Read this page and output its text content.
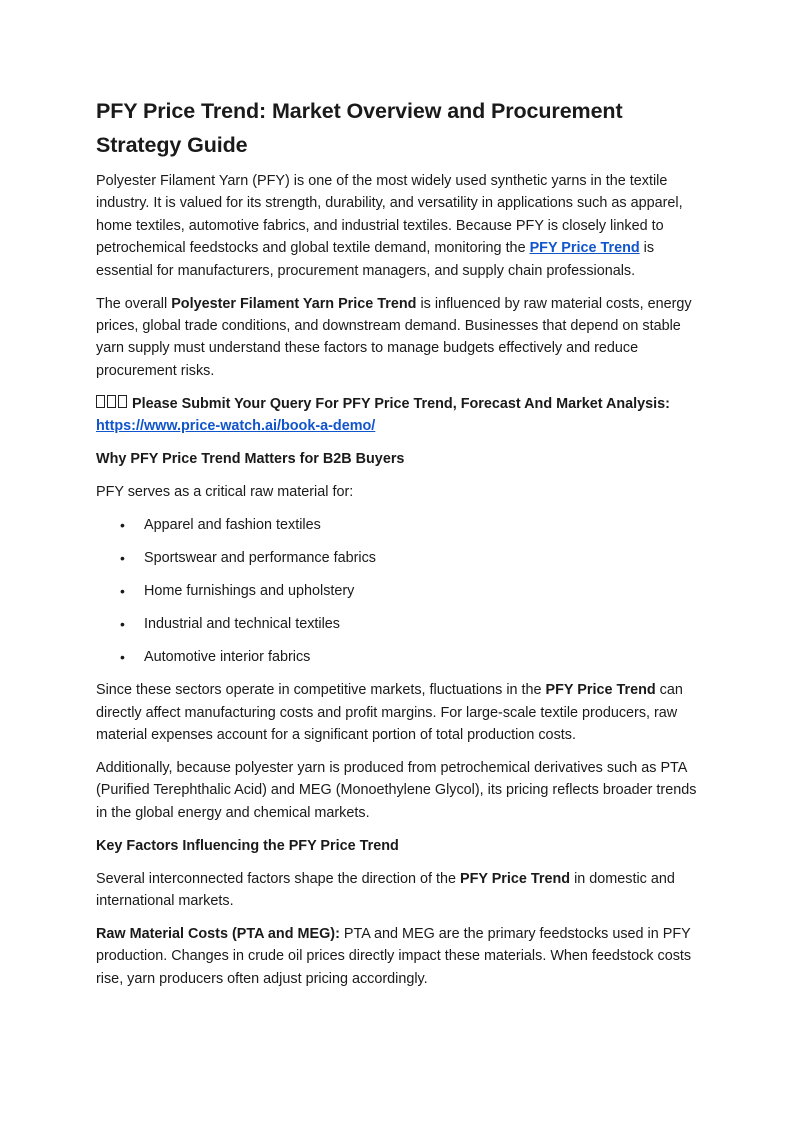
PFY Price Trend: Market Overview and Procurement Strategy Guide

Polyester Filament Yarn (PFY) is one of the most widely used synthetic yarns in the textile industry. It is valued for its strength, durability, and versatility in applications such as apparel, home textiles, automotive fabrics, and industrial textiles. Because PFY is closely linked to petrochemical feedstocks and global textile demand, monitoring the PFY Price Trend is essential for manufacturers, procurement managers, and supply chain professionals.

The overall Polyester Filament Yarn Price Trend is influenced by raw material costs, energy prices, global trade conditions, and downstream demand. Businesses that depend on stable yarn supply must understand these factors to manage budgets effectively and reduce procurement risks.

Please Submit Your Query For PFY Price Trend, Forecast And Market Analysis:
https://www.price-watch.ai/book-a-demo/

Why PFY Price Trend Matters for B2B Buyers

PFY serves as a critical raw material for:

• Apparel and fashion textiles
• Sportswear and performance fabrics
• Home furnishings and upholstery
• Industrial and technical textiles
• Automotive interior fabrics

Since these sectors operate in competitive markets, fluctuations in the PFY Price Trend can directly affect manufacturing costs and profit margins. For large-scale textile producers, raw material expenses account for a significant portion of total production costs.

Additionally, because polyester yarn is produced from petrochemical derivatives such as PTA (Purified Terephthalic Acid) and MEG (Monoethylene Glycol), its pricing reflects broader trends in the global energy and chemical markets.

Key Factors Influencing the PFY Price Trend

Several interconnected factors shape the direction of the PFY Price Trend in domestic and international markets.

Raw Material Costs (PTA and MEG): PTA and MEG are the primary feedstocks used in PFY production. Changes in crude oil prices directly impact these materials. When feedstock costs rise, yarn producers often adjust pricing accordingly.
